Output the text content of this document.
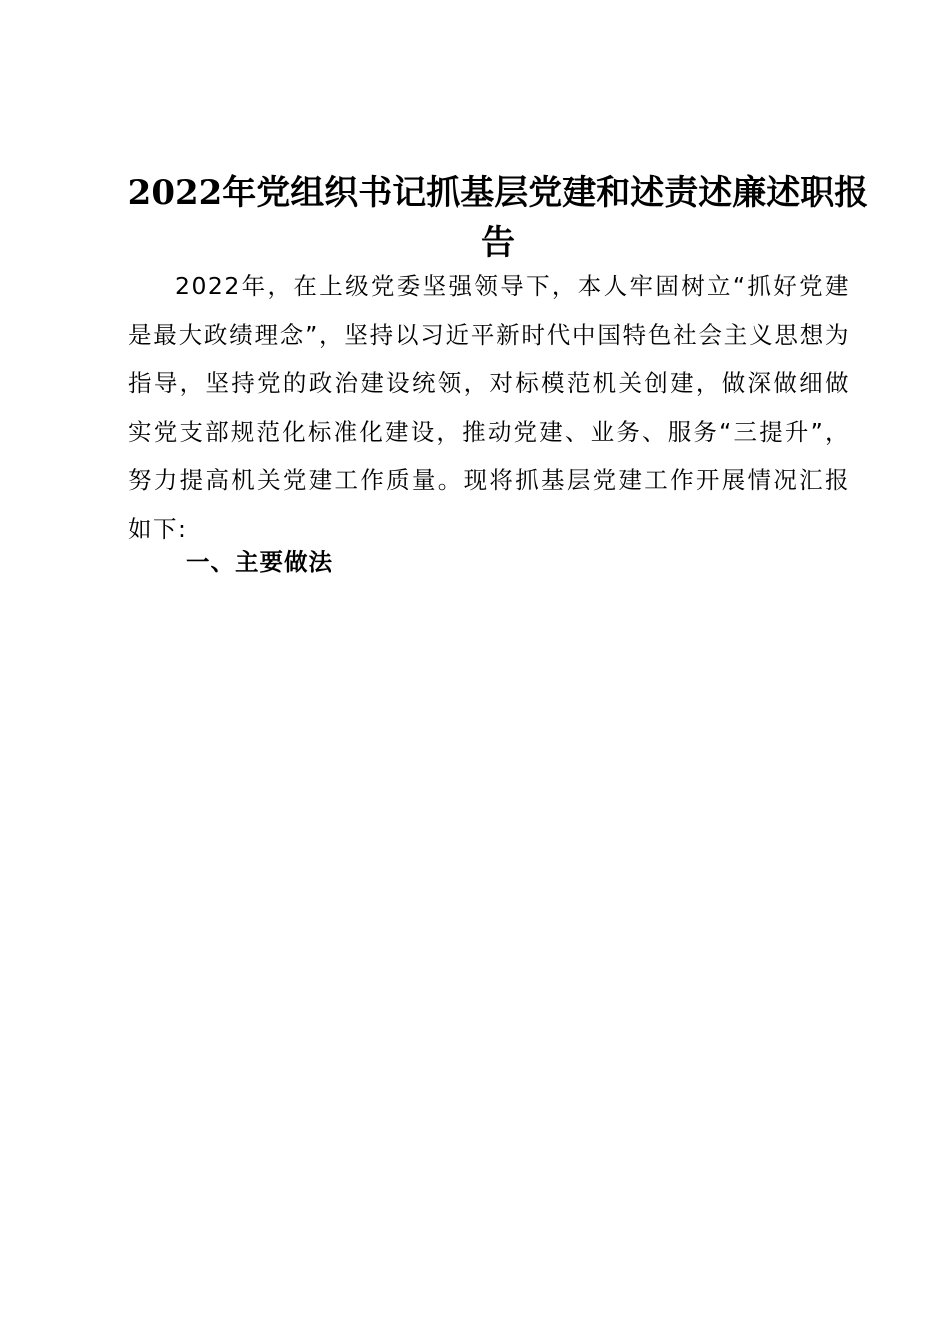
2022年党组织书记抓基层党建和述责述廉述职报告

2022年，在上级党委坚强领导下，本人牢固树立“抓好党建是最大政绩理念”，坚持以习近平新时代中国特色社会主义思想为指导，坚持党的政治建设统领，对标模范机关创建，做深做细做实党支部规范化标准化建设，推动党建、业务、服务“三提升”，努力提高机关党建工作质量。现将抓基层党建工作开展情况汇报如下:

一、主要做法
